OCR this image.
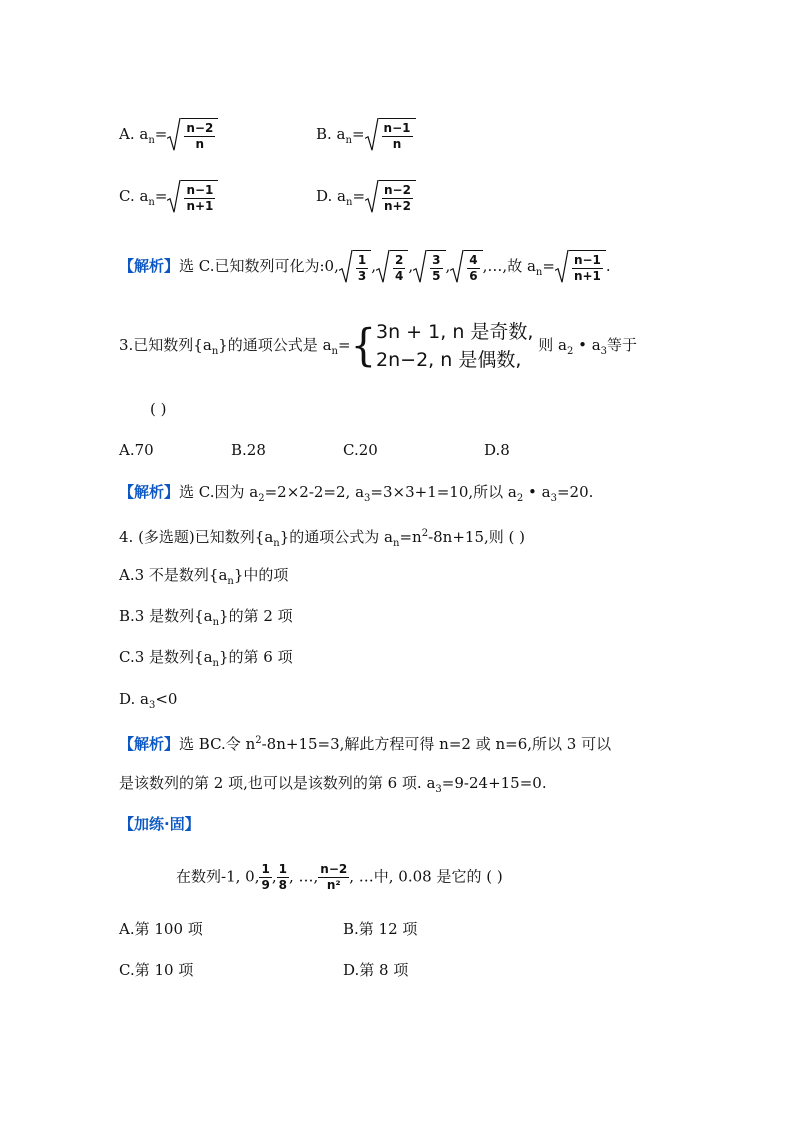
A. $a_n= \frac{n-2}{n}$	B. $a_n= \frac{n-1}{n}$
C. $a_n= \frac{n-1}{n+1}$	D. $a_n= \frac{n-2}{n+2}$
【解析】选 C.已知数列可化为:0, $\frac{1}{3}$ , $\frac{2}{4}$ , $\frac{3}{5}$ , $\frac{4}{6}$ ,…,故 $a_n= \frac{n-1}{n+1}$ .
3.已知数列$\{a_n\}$的通项公式是 $a_n=${ 3n + 1, n 是奇数,
2n−2, n 是偶数,
则 $a_2$ • $a_3$等于
( )
A.70	B.28	C.20	D.8
【解析】选 C.因为 $a_2=2\times 2-2=2$, $a_3=3\times 3+1=10$,所以 $a_2$ • $a_3=20$.
4. (多选题)已知数列$\{a_n\}$的通项公式为 $a_n=n^2-8n+15$,则 ( )
A.3 不是数列$\{a_n\}$中的项
B.3 是数列$\{a_n\}$的第 2 项
C.3 是数列$\{a_n\}$的第 6 项
D. $a_3<0$
【解析】选 BC.令 $n^2-8n+15=3$,解此方程可得 n=2 或 n=6,所以 3 可以
是该数列的第 2 项,也可以是该数列的第 6 项. $a_3=9-24+15=0$.
【加练·固】
在数列-1, 0, $\frac{1}{9}$ , $\frac{1}{8}$ , …, $\frac{n-2}{\text{n²}}$ , …中, 0.08 是它的 ( )
A.第 100 项	B.第 12 项
C.第 10 项	D.第 8 项
